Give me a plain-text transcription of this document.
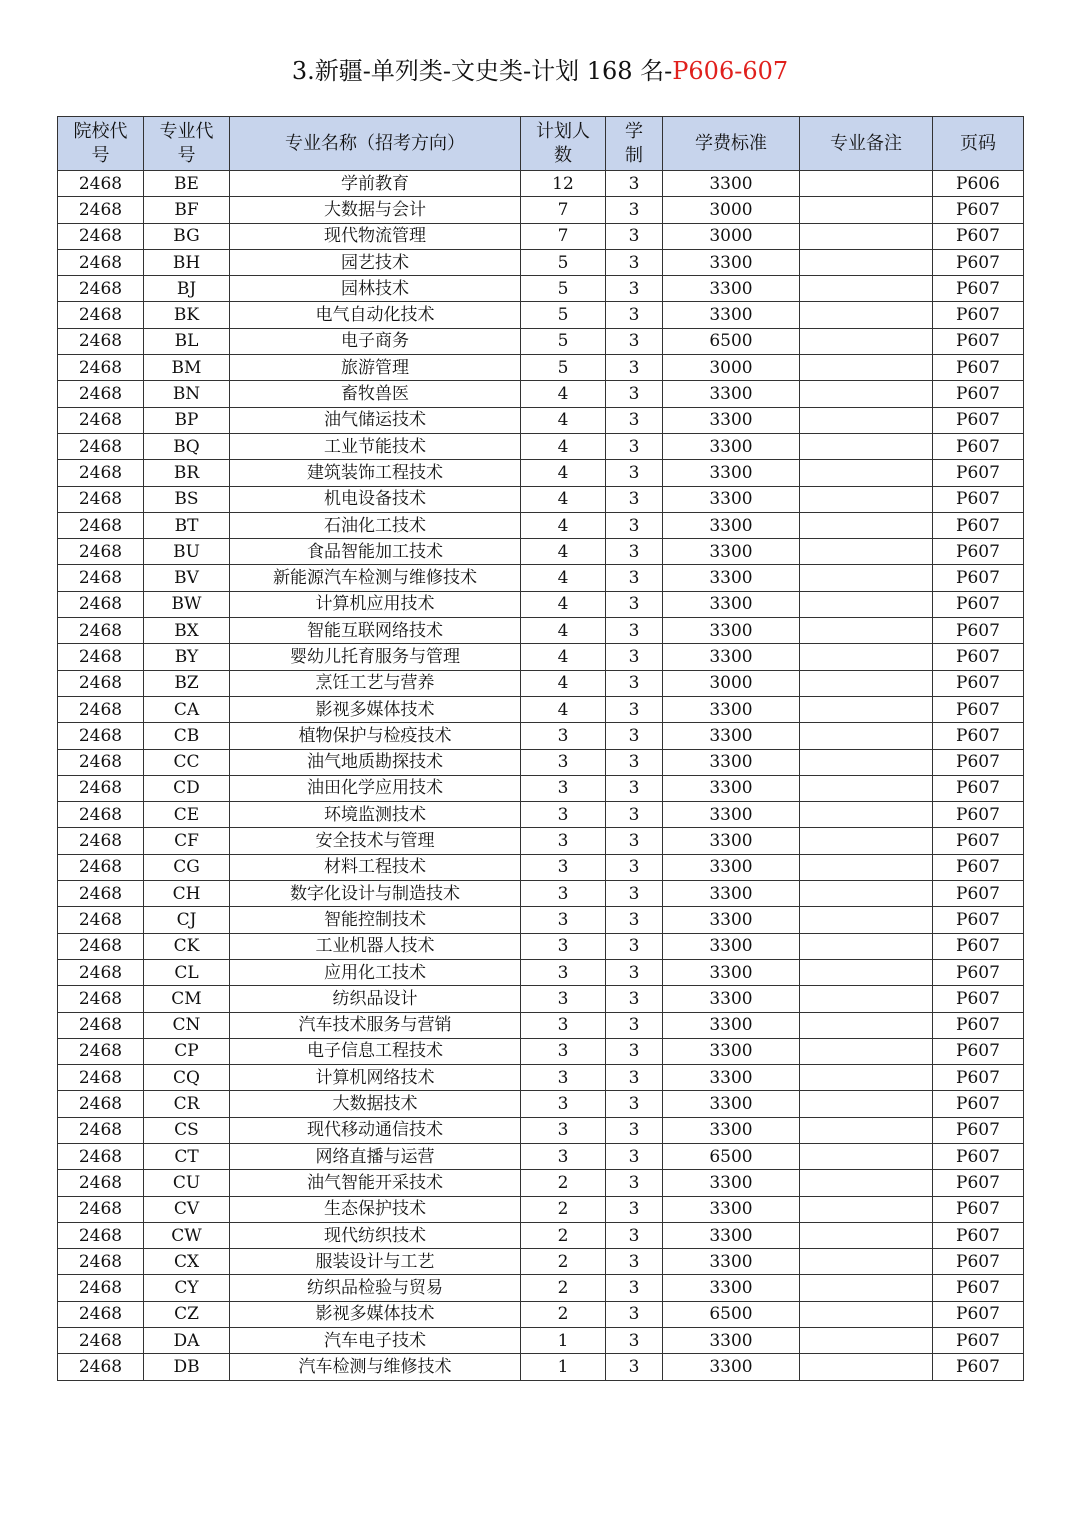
3.新疆-单列类-文史类-计划 168 名-P606-607
院校代号	专业代号	专业名称（招考方向）	计划人数	学制	学费标准	专业备注	页码
2468	BE	学前教育	12	3	3300		P606
2468	BF	大数据与会计	7	3	3000		P607
2468	BG	现代物流管理	7	3	3000		P607
2468	BH	园艺技术	5	3	3300		P607
2468	BJ	园林技术	5	3	3300		P607
2468	BK	电气自动化技术	5	3	3300		P607
2468	BL	电子商务	5	3	6500		P607
2468	BM	旅游管理	5	3	3000		P607
2468	BN	畜牧兽医	4	3	3300		P607
2468	BP	油气储运技术	4	3	3300		P607
2468	BQ	工业节能技术	4	3	3300		P607
2468	BR	建筑装饰工程技术	4	3	3300		P607
2468	BS	机电设备技术	4	3	3300		P607
2468	BT	石油化工技术	4	3	3300		P607
2468	BU	食品智能加工技术	4	3	3300		P607
2468	BV	新能源汽车检测与维修技术	4	3	3300		P607
2468	BW	计算机应用技术	4	3	3300		P607
2468	BX	智能互联网络技术	4	3	3300		P607
2468	BY	婴幼儿托育服务与管理	4	3	3300		P607
2468	BZ	烹饪工艺与营养	4	3	3000		P607
2468	CA	影视多媒体技术	4	3	3300		P607
2468	CB	植物保护与检疫技术	3	3	3300		P607
2468	CC	油气地质勘探技术	3	3	3300		P607
2468	CD	油田化学应用技术	3	3	3300		P607
2468	CE	环境监测技术	3	3	3300		P607
2468	CF	安全技术与管理	3	3	3300		P607
2468	CG	材料工程技术	3	3	3300		P607
2468	CH	数字化设计与制造技术	3	3	3300		P607
2468	CJ	智能控制技术	3	3	3300		P607
2468	CK	工业机器人技术	3	3	3300		P607
2468	CL	应用化工技术	3	3	3300		P607
2468	CM	纺织品设计	3	3	3300		P607
2468	CN	汽车技术服务与营销	3	3	3300		P607
2468	CP	电子信息工程技术	3	3	3300		P607
2468	CQ	计算机网络技术	3	3	3300		P607
2468	CR	大数据技术	3	3	3300		P607
2468	CS	现代移动通信技术	3	3	3300		P607
2468	CT	网络直播与运营	3	3	6500		P607
2468	CU	油气智能开采技术	2	3	3300		P607
2468	CV	生态保护技术	2	3	3300		P607
2468	CW	现代纺织技术	2	3	3300		P607
2468	CX	服装设计与工艺	2	3	3300		P607
2468	CY	纺织品检验与贸易	2	3	3300		P607
2468	CZ	影视多媒体技术	2	3	6500		P607
2468	DA	汽车电子技术	1	3	3300		P607
2468	DB	汽车检测与维修技术	1	3	3300		P607
